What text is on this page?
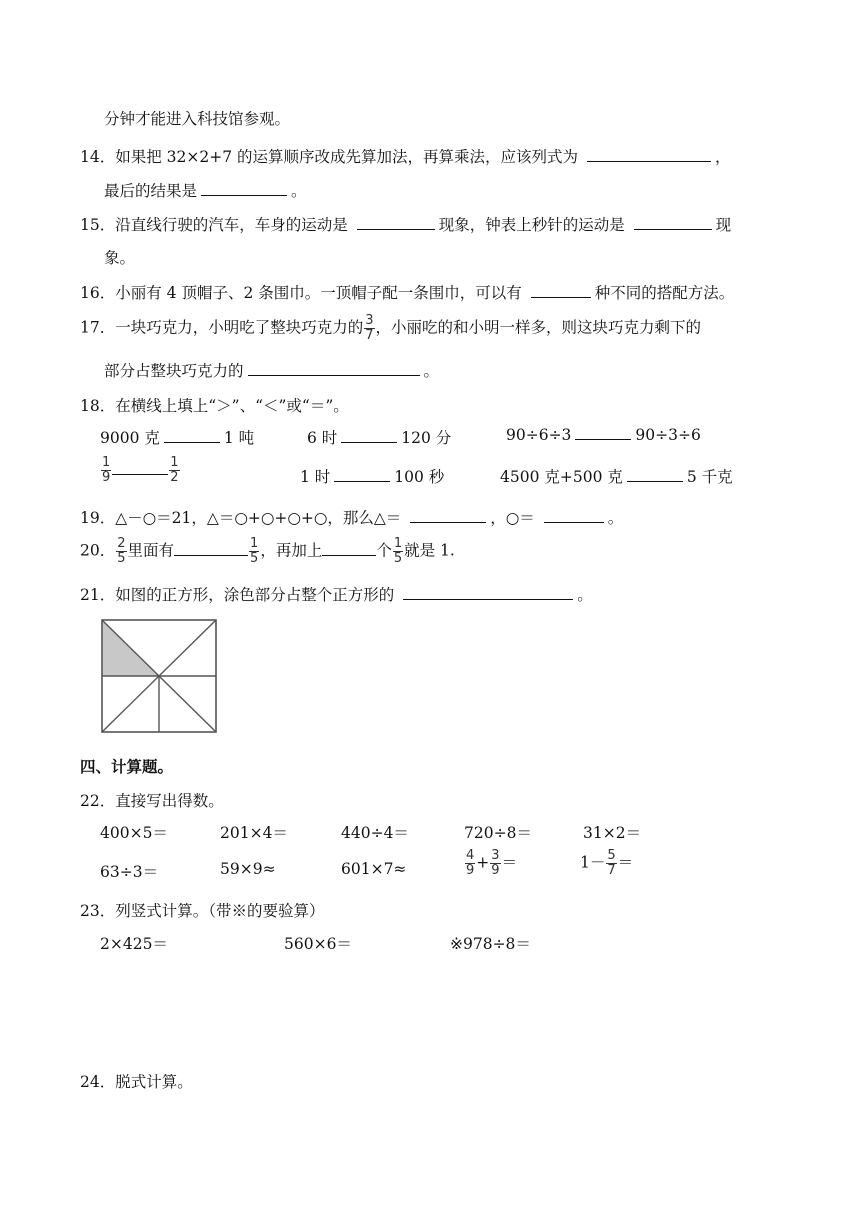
分钟才能进入科技馆参观。
14．如果把 32×2+7 的运算顺序改成先算加法，再算乘法，应该列式为	，
最后的结果是	。
15．沿直线行驶的汽车，车身的运动是	现象，钟表上秒针的运动是	现
象。
16．小丽有 4 顶帽子、2 条围巾。一顶帽子配一条围巾，可以有	种不同的搭配方法。
17．一块巧克力，小明吃了整块巧克力的 $\frac{3}{7}$ ，小丽吃的和小明一样多，则这块巧克力剩下的
部分占整块巧克力的	。
18．在横线上填上“＞”、“＜”或“＝”。
9000 克	1 吨	6 时	120 分	90÷6÷3	90÷3÷6
$\frac{1}{9}$	$\frac{1}{2}$	1 时	100 秒	4500 克+500 克	5 千克
19．△－○＝21，△＝○+○+○+○，那么△＝	，○＝	。
20． $\frac{2}{5}$ 里面有	$\frac{1}{5}$ ，再加上	个 $\frac{1}{5}$ 就是 1.
21．如图的正方形，涂色部分占整个正方形的	。
四、计算题。
22．直接写出得数。
400×5＝	201×4＝	440÷4＝	720÷8＝	31×2＝
63÷3＝	59×9≈	601×7≈	$\frac{4}{9} + \frac{3}{9}$ ＝	$1- \frac{5}{7}$ ＝
23．列竖式计算。（带※的要验算）
2×425＝	560×6＝	※978÷8＝
24．脱式计算。
